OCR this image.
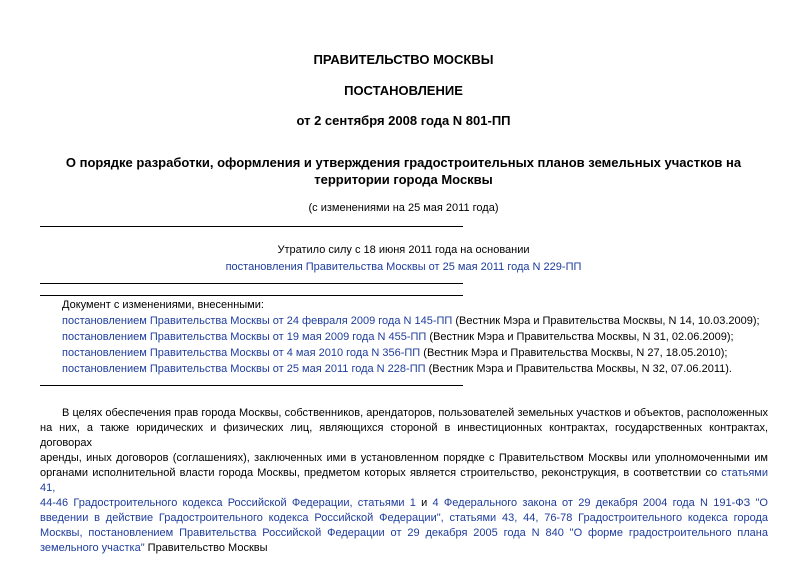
ПРАВИТЕЛЬСТВО МОСКВЫ
ПОСТАНОВЛЕНИЕ
от 2 сентября 2008 года N 801-ПП
О порядке разработки, оформления и утверждения градостроительных планов земельных участков на
территории города Москвы
(с изменениями на 25 мая 2011 года)
Утратило силу с 18 июня 2011 года на основании
постановления Правительства Москвы от 25 мая 2011 года N 229-ПП
Документ с изменениями, внесенными:
постановлением Правительства Москвы от 24 февраля 2009 года N 145-ПП (Вестник Мэра и Правительства Москвы, N 14, 10.03.2009);
постановлением Правительства Москвы от 19 мая 2009 года N 455-ПП (Вестник Мэра и Правительства Москвы, N 31, 02.06.2009);
постановлением Правительства Москвы от 4 мая 2010 года N 356-ПП (Вестник Мэра и Правительства Москвы, N 27, 18.05.2010);
постановлением Правительства Москвы от 25 мая 2011 года N 228-ПП (Вестник Мэра и Правительства Москвы, N 32, 07.06.2011).
В целях обеспечения прав города Москвы, собственников, арендаторов, пользователей земельных участков и объектов, расположенных
на них, а также юридических и физических лиц, являющихся стороной в инвестиционных контрактах, государственных контрактах, договорах
аренды, иных договоров (соглашениях), заключенных ими в установленном порядке с Правительством Москвы или уполномоченными им
органами исполнительной власти города Москвы, предметом которых является строительство, реконструкция, в соответствии со статьями 41,
44-46 Градостроительного кодекса Российской Федерации, статьями 1 и 4 Федерального закона от 29 декабря 2004 года N 191-ФЗ "О
введении в действие Градостроительного кодекса Российской Федерации", статьями 43, 44, 76-78 Градостроительного кодекса города
Москвы, постановлением Правительства Российской Федерации от 29 декабря 2005 года N 840 "О форме градостроительного плана
земельного участка" Правительство Москвы
